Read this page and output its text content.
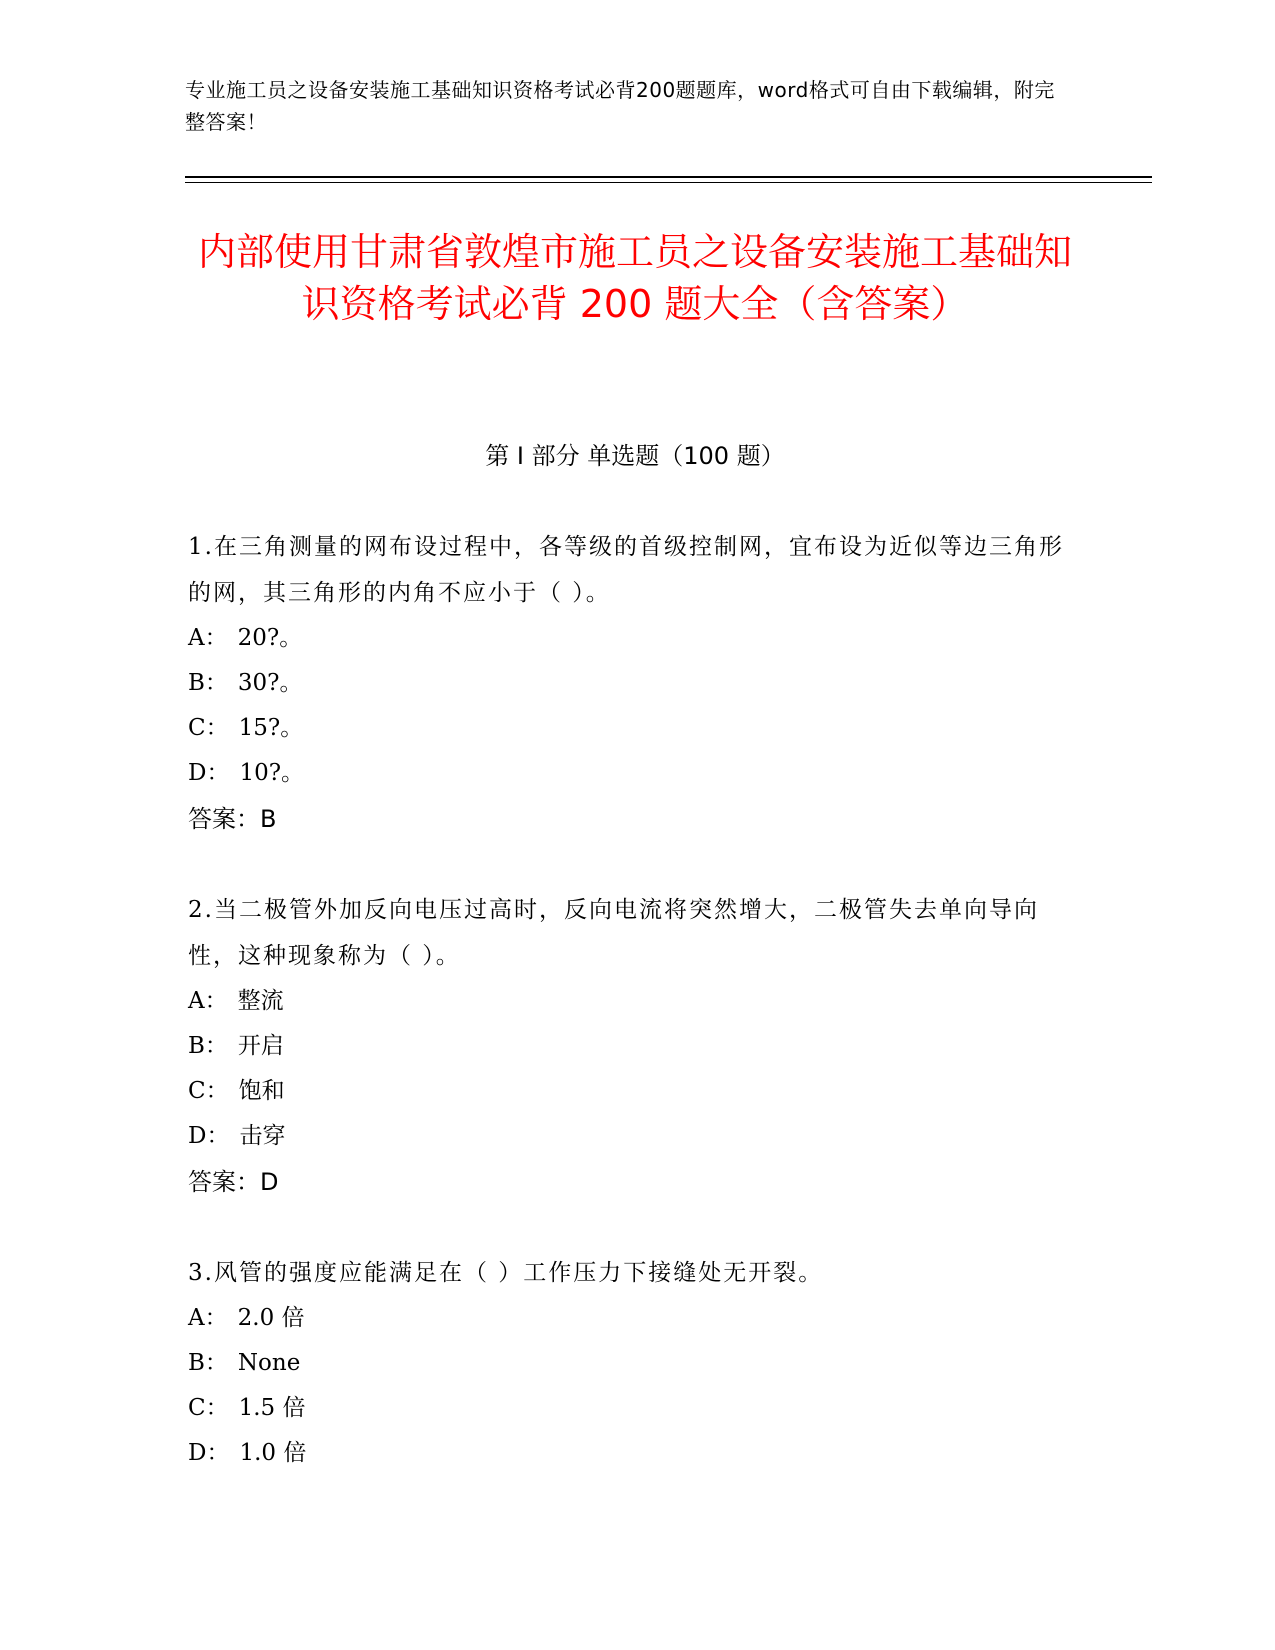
专业施工员之设备安装施工基础知识资格考试必背200题题库，word格式可自由下载编辑，附完整答案！
内部使用甘肃省敦煌市施工员之设备安装施工基础知识资格考试必背 200 题大全（含答案）
第 I 部分 单选题（100 题）
1.在三角测量的网布设过程中，各等级的首级控制网，宜布设为近似等边三角形的网，其三角形的内角不应小于（ ）。
A： 20?。
B： 30?。
C： 15?。
D： 10?。
答案：B
2.当二极管外加反向电压过高时，反向电流将突然增大，二极管失去单向导向性，这种现象称为（ ）。
A： 整流
B： 开启
C： 饱和
D： 击穿
答案：D
3.风管的强度应能满足在（ ）工作压力下接缝处无开裂。
A： 2.0 倍
B： None
C： 1.5 倍
D： 1.0 倍
